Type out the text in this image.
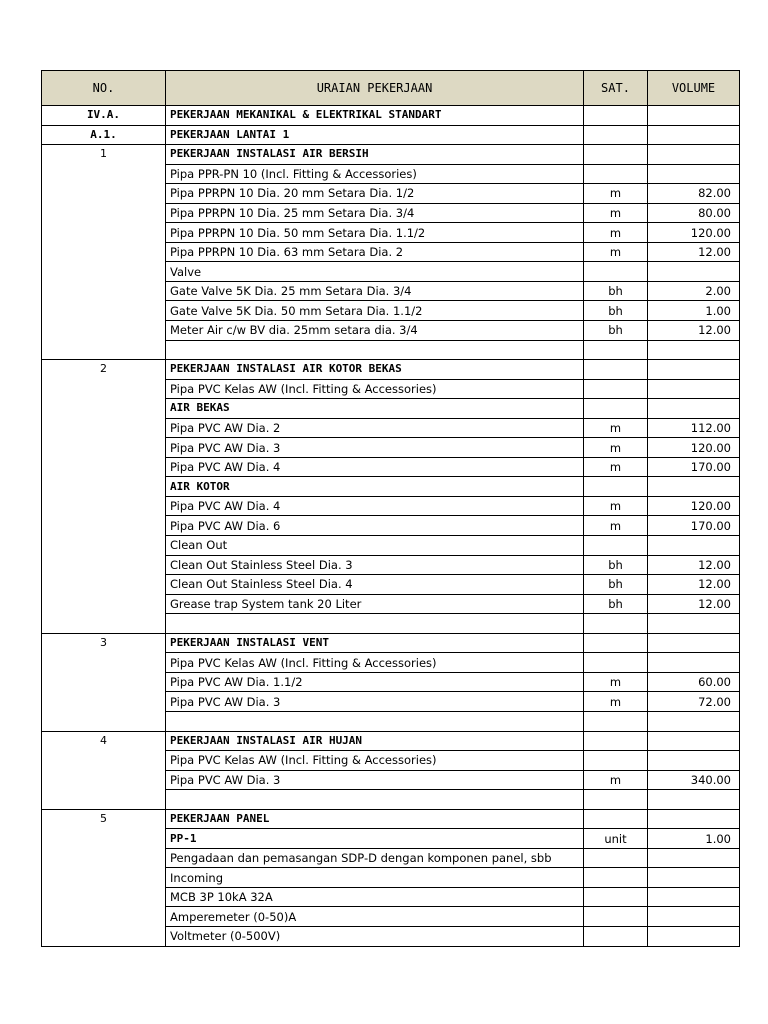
NO.	URAIAN PEKERJAAN	SAT.	VOLUME
IV.A.	PEKERJAAN MEKANIKAL & ELEKTRIKAL STANDART		
A.1.	PEKERJAAN LANTAI 1		
1	PEKERJAAN INSTALASI AIR BERSIH		
	Pipa PPR-PN 10 (Incl. Fitting & Accessories)		
	Pipa PPRPN 10 Dia. 20 mm Setara Dia. 1/2	m	82.00
	Pipa PPRPN 10 Dia. 25 mm Setara Dia. 3/4	m	80.00
	Pipa PPRPN 10 Dia. 50 mm Setara Dia. 1.1/2	m	120.00
	Pipa PPRPN 10 Dia. 63 mm Setara Dia. 2	m	12.00
	Valve		
	Gate Valve 5K Dia. 25 mm Setara Dia. 3/4	bh	2.00
	Gate Valve 5K Dia. 50 mm Setara Dia. 1.1/2	bh	1.00
	Meter Air c/w BV dia. 25mm setara dia. 3/4	bh	12.00

2	PEKERJAAN INSTALASI AIR KOTOR BEKAS		
	Pipa PVC Kelas AW (Incl. Fitting & Accessories)		
	AIR BEKAS		
	Pipa PVC AW Dia. 2	m	112.00
	Pipa PVC AW Dia. 3	m	120.00
	Pipa PVC AW Dia. 4	m	170.00
	AIR KOTOR		
	Pipa PVC AW Dia. 4	m	120.00
	Pipa PVC AW Dia. 6	m	170.00
	Clean Out		
	Clean Out Stainless Steel Dia. 3	bh	12.00
	Clean Out Stainless Steel Dia. 4	bh	12.00
	Grease trap System tank 20 Liter	bh	12.00

3	PEKERJAAN INSTALASI VENT		
	Pipa PVC Kelas AW (Incl. Fitting & Accessories)		
	Pipa PVC AW Dia. 1.1/2	m	60.00
	Pipa PVC AW Dia. 3	m	72.00

4	PEKERJAAN INSTALASI AIR HUJAN		
	Pipa PVC Kelas AW (Incl. Fitting & Accessories)		
	Pipa PVC AW Dia. 3	m	340.00

5	PEKERJAAN PANEL		
	PP-1	unit	1.00
	Pengadaan dan pemasangan SDP-D dengan komponen panel, sbb		
	Incoming		
	MCB 3P 10kA 32A		
	Amperemeter (0-50)A		
	Voltmeter (0-500V)		
